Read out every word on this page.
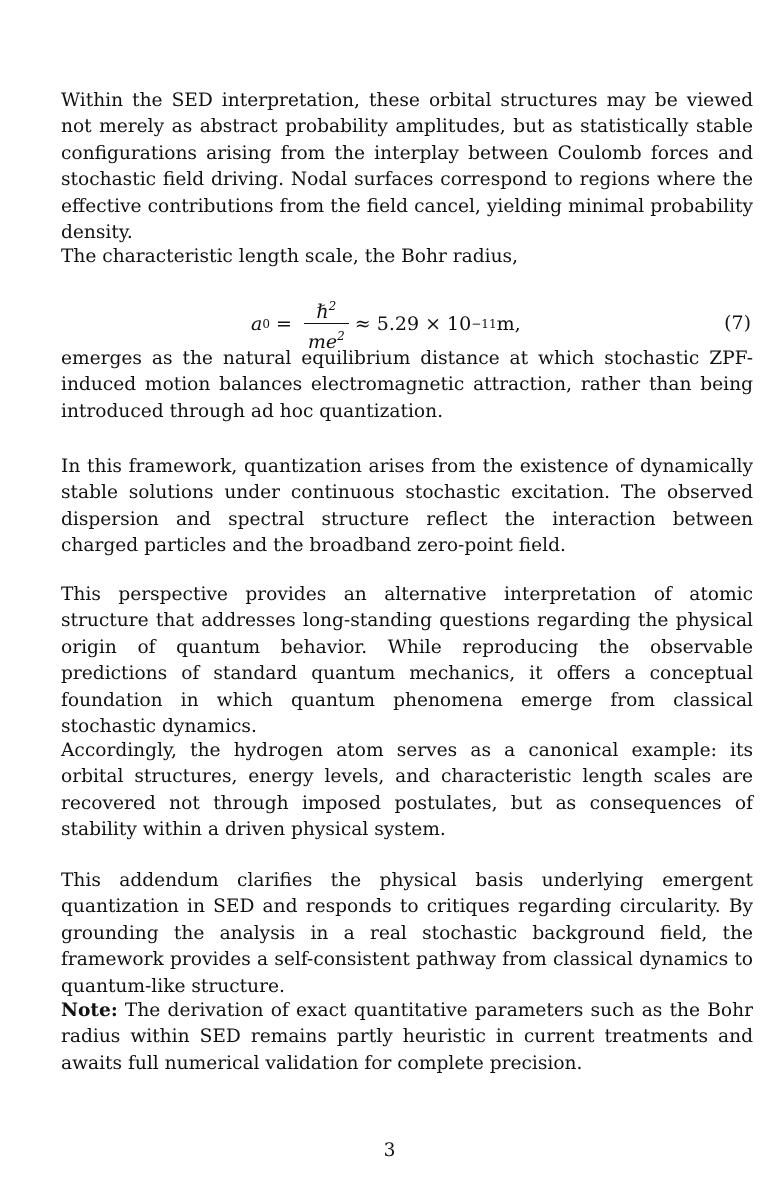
Within the SED interpretation, these orbital structures may be viewed not merely as abstract probability amplitudes, but as statistically stable configurations arising from the interplay between Coulomb forces and stochastic field driving. Nodal surfaces correspond to regions where the effective contributions from the field cancel, yielding minimal probability density.

The characteristic length scale, the Bohr radius,

a $0 = \frac{\hbar^2}{me^2} \approx 5.29 \times 10 -11$ m,	(7)

emerges as the natural equilibrium distance at which stochastic ZPF-induced motion balances electromagnetic attraction, rather than being introduced through ad hoc quantization.

In this framework, quantization arises from the existence of dynamically stable solutions under continuous stochastic excitation. The observed dispersion and spectral structure reflect the interaction between charged particles and the broadband zero-point field.

This perspective provides an alternative interpretation of atomic structure that addresses long-standing questions regarding the physical origin of quantum behavior. While reproducing the observable predictions of standard quantum mechanics, it offers a conceptual foundation in which quantum phenomena emerge from classical stochastic dynamics.

Accordingly, the hydrogen atom serves as a canonical example: its orbital structures, energy levels, and characteristic length scales are recovered not through imposed postulates, but as consequences of stability within a driven physical system.

This addendum clarifies the physical basis underlying emergent quantization in SED and responds to critiques regarding circularity. By grounding the analysis in a real stochastic background field, the framework provides a self-consistent pathway from classical dynamics to quantum-like structure.

Note: The derivation of exact quantitative parameters such as the Bohr radius within SED remains partly heuristic in current treatments and awaits full numerical validation for complete precision.

3
